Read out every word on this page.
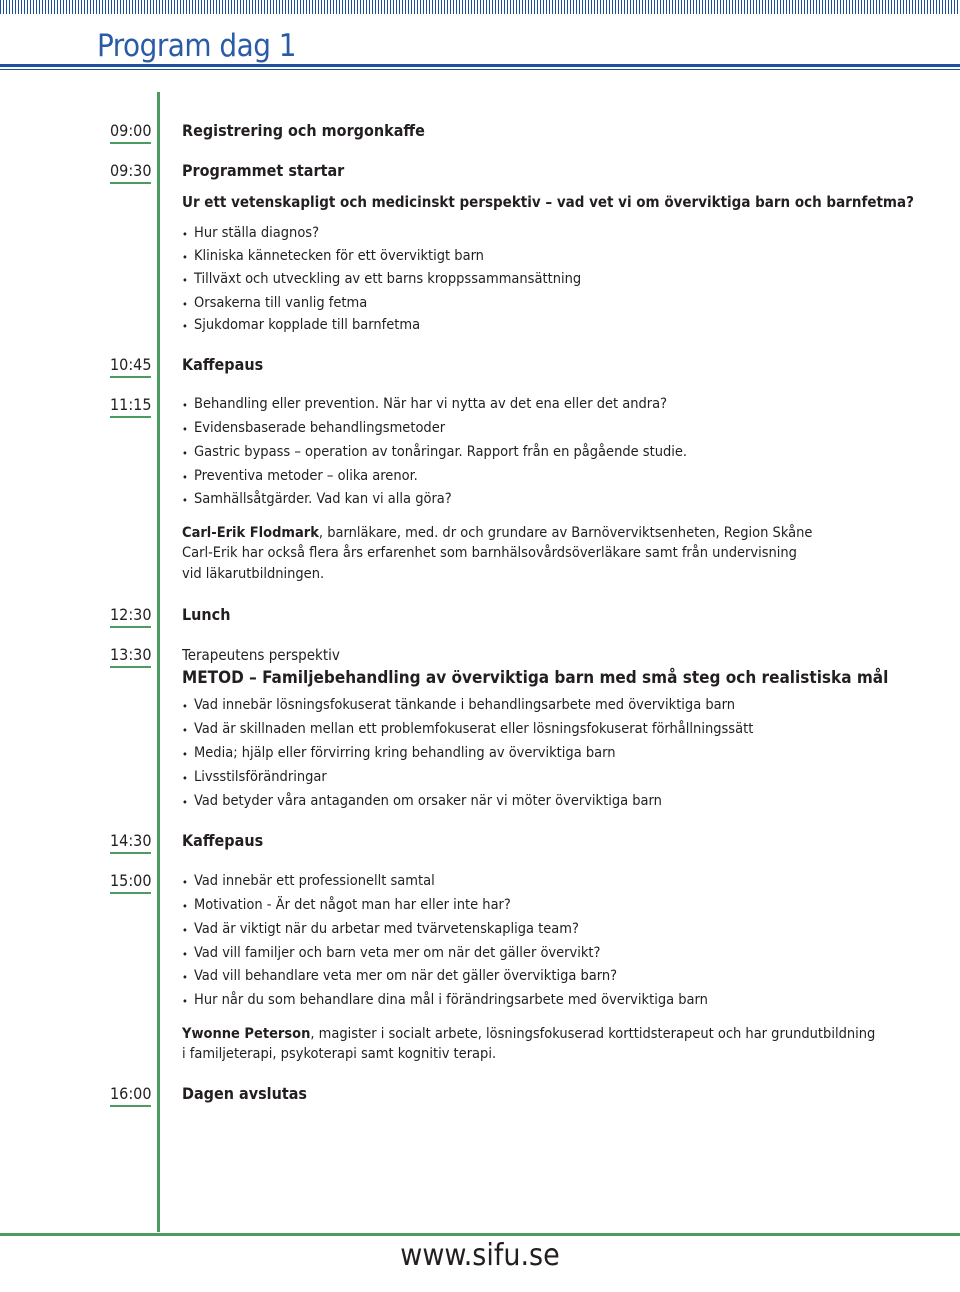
Program dag 1
09:00 Registrering och morgonkaffe
09:30 Programmet startar
Ur ett vetenskapligt och medicinskt perspektiv – vad vet vi om överviktiga barn och barnfetma?
• Hur ställa diagnos?
• Kliniska kännetecken för ett överviktigt barn
• Tillväxt och utveckling av ett barns kroppssammansättning
• Orsakerna till vanlig fetma
• Sjukdomar kopplade till barnfetma
10:45 Kaffepaus
11:15	• Behandling eller prevention. När har vi nytta av det ena eller det andra?
• Evidensbaserade behandlingsmetoder
• Gastric bypass – operation av tonåringar. Rapport från en pågående studie.
• Preventiva metoder – olika arenor.
• Samhällsåtgärder. Vad kan vi alla göra?
Carl-Erik Flodmark, barnläkare, med. dr och grundare av Barnöverviktsenheten, Region Skåne
Carl-Erik har också flera års erfarenhet som barnhälsovårdsöverläkare samt från undervisning
vid läkarutbildningen.
12:30 Lunch
13:30 Terapeutens perspektiv
METOD – Familjebehandling av överviktiga barn med små steg och realistiska mål
• Vad innebär lösningsfokuserat tänkande i behandlingsarbete med överviktiga barn
• Vad är skillnaden mellan ett problemfokuserat eller lösningsfokuserat förhållningssätt
• Media; hjälp eller förvirring kring behandling av överviktiga barn
• Livsstilsförändringar
• Vad betyder våra antaganden om orsaker när vi möter överviktiga barn
14:30 Kaffepaus
15:00	• Vad innebär ett professionellt samtal
• Motivation - Är det något man har eller inte har?
• Vad är viktigt när du arbetar med tvärvetenskapliga team?
• Vad vill familjer och barn veta mer om när det gäller övervikt?
• Vad vill behandlare veta mer om när det gäller överviktiga barn?
• Hur når du som behandlare dina mål i förändringsarbete med överviktiga barn
Ywonne Peterson, magister i socialt arbete, lösningsfokuserad korttidsterapeut och har grundutbildning
i familjeterapi, psykoterapi samt kognitiv terapi.
16:00 Dagen avslutas
www.sifu.se
